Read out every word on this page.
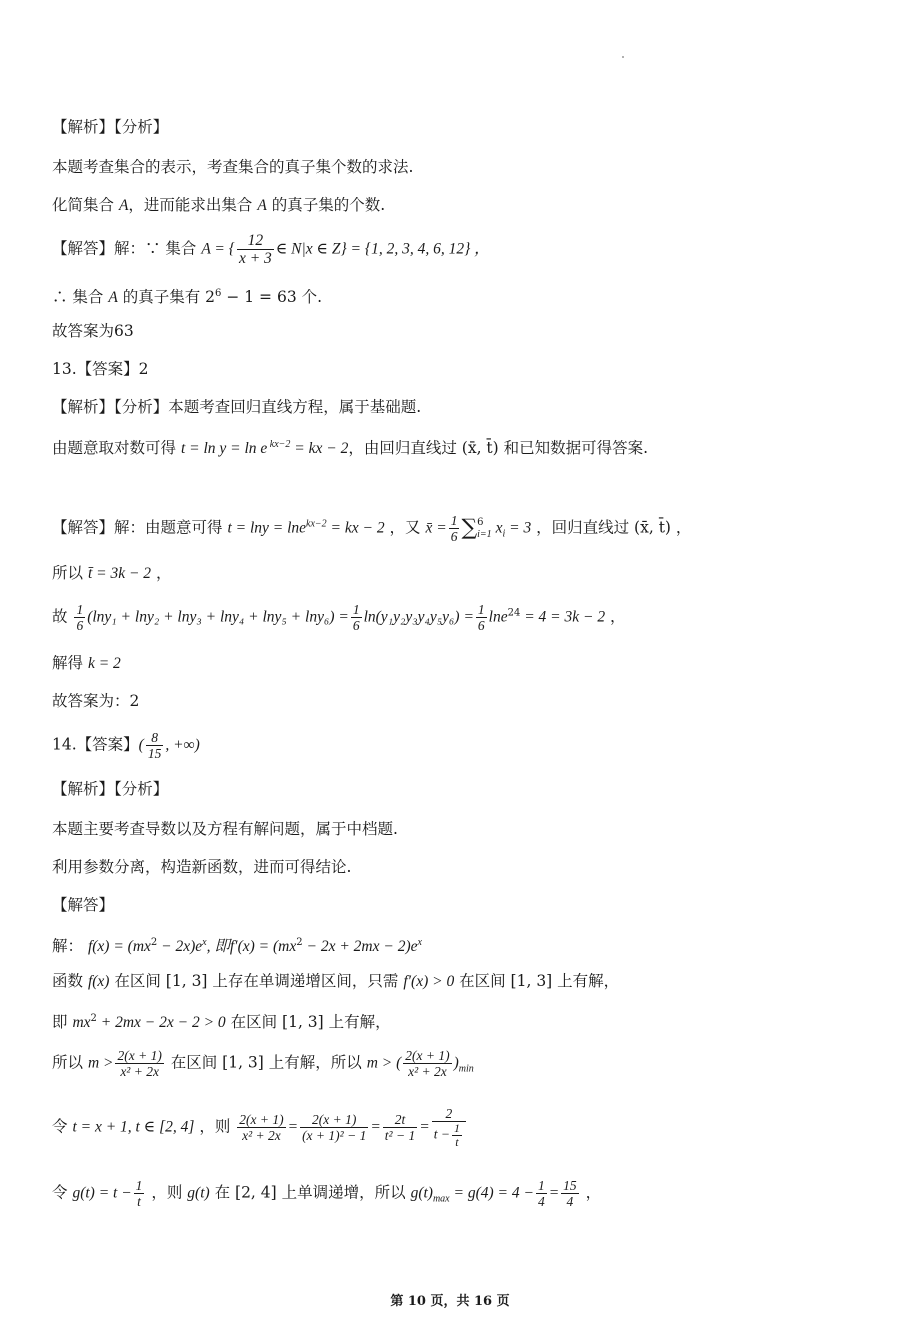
【解析】【分析】
本题考查集合的表示，考查集合的真子集个数的求法.
化简集合 A，进而能求出集合 A 的真子集的个数.
【解答】解：∵ 集合 A = { $\frac{12}{x + 3}$ ∈ N|x ∈ Z} = {1, 2, 3, 4, 6, 12} ，
∴ 集合 A 的真子集有 $2^6 - 1 = 63$ 个.
故答案为63
13.【答案】2
【解析】【分析】本题考查回归直线方程，属于基础题.
由题意取对数可得 t = ln y = ln e $^{kx-2}$ = kx − 2，由回归直线过 (x̄, t̄) 和已知数据可得答案.
【解答】解：由题意可得 t = lny = lne$^{kx-2}$ = kx − 2 ，又 x̄ = $\frac{1}{6}$ ∑ 6
i=1 $x_i = 3$ ，回归直线过 (x̄, t̄) ，
所以 t̄ = 3k − 2 ，
故 $\frac{1}{6} (\ln y_1 + \ln y_2 + \ln y_3 + \ln y_4 + \ln y_5 + \ln y_6) = \frac{1}{6} \ln(y_1y_2y_3y_4y_5y_6) = \frac{1}{6} \ln e^{24} = 4 = 3k - 2$ ，
解得 k = 2
故答案为：2
14.【答案】( $\frac{8}{15}$ , +∞)
【解析】【分析】
本题主要考查导数以及方程有解问题，属于中档题.
利用参数分离，构造新函数，进而可得结论.
【解答】
解： $f(x) = (mx^2 - 2x)e^x$, 即$f'(x) = (mx^2 - 2x + 2mx - 2)e^x$
函数 f(x) 在区间 [1, 3] 上存在单调递增区间，只需 f′(x) > 0 在区间 [1, 3] 上有解，
即 $mx^2 + 2mx - 2x - 2 > 0$ 在区间 [1, 3] 上有解，
所以 $m > \frac{2(x + 1)}{\text{x² + 2x}}$ 在区间 [1, 3] 上有解，所以 m > ( $\frac{2(x + 1)}{\text{x² + 2x}} )_{min}$
令 t = x + 1, t ∈ [2, 4] ，则 $\frac{2(x + 1)}{\text{x² + 2x}} = \frac{2(x + 1)}{\text{(x + 1)² − 1}} = \frac{2t}{\text{t² − 1}} = \frac{2}{t - \frac{1}{t}}$
令 $g(t) = t - \frac{1}{t}$ ，则 g(t) 在 [2, 4] 上单调递增，所以 $g(t)_{max} = g(4) = 4 - \frac{1}{4} = \frac{15}{4}$ ，
第 10 页，共 16 页
